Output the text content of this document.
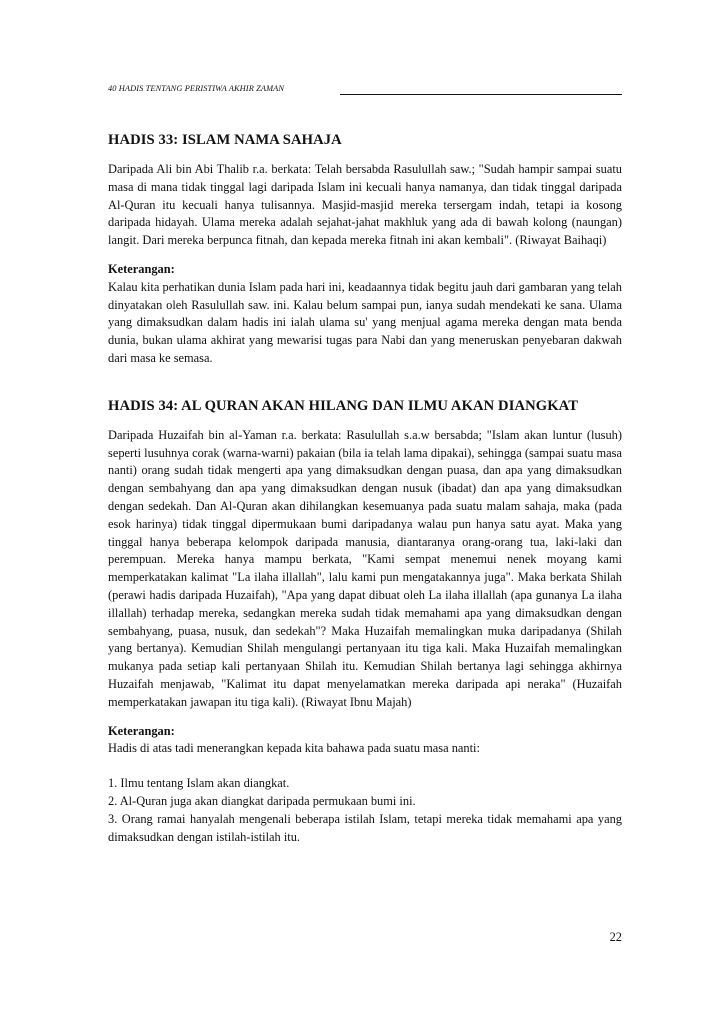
40 HADIS TENTANG PERISTIWA AKHIR ZAMAN
HADIS 33: ISLAM NAMA SAHAJA

Daripada Ali bin Abi Thalib r.a. berkata: Telah bersabda Rasulullah saw.; "Sudah hampir sampai suatu masa di mana tidak tinggal lagi daripada Islam ini kecuali hanya namanya, dan tidak tinggal daripada Al-Quran itu kecuali hanya tulisannya. Masjid-masjid mereka tersergam indah, tetapi ia kosong daripada hidayah. Ulama mereka adalah sejahat-jahat makhluk yang ada di bawah kolong (naungan) langit. Dari mereka berpunca fitnah, dan kepada mereka fitnah ini akan kembali". (Riwayat Baihaqi)

Keterangan:

Kalau kita perhatikan dunia Islam pada hari ini, keadaannya tidak begitu jauh dari gambaran yang telah dinyatakan oleh Rasulullah saw. ini. Kalau belum sampai pun, ianya sudah mendekati ke sana. Ulama yang dimaksudkan dalam hadis ini ialah ulama su' yang menjual agama mereka dengan mata benda dunia, bukan ulama akhirat yang mewarisi tugas para Nabi dan yang meneruskan penyebaran dakwah dari masa ke semasa.

HADIS 34: AL QURAN AKAN HILANG DAN ILMU AKAN DIANGKAT

Daripada Huzaifah bin al-Yaman r.a. berkata: Rasulullah s.a.w bersabda; "Islam akan luntur (lusuh) seperti lusuhnya corak (warna-warni) pakaian (bila ia telah lama dipakai), sehingga (sampai suatu masa nanti) orang sudah tidak mengerti apa yang dimaksudkan dengan puasa, dan apa yang dimaksudkan dengan sembahyang dan apa yang dimaksudkan dengan nusuk (ibadat) dan apa yang dimaksudkan dengan sedekah. Dan Al-Quran akan dihilangkan kesemuanya pada suatu malam sahaja, maka (pada esok harinya) tidak tinggal dipermukaan bumi daripadanya walau pun hanya satu ayat. Maka yang tinggal hanya beberapa kelompok daripada manusia, diantaranya orang-orang tua, laki-laki dan perempuan. Mereka hanya mampu berkata, "Kami sempat menemui nenek moyang kami memperkatakan kalimat "La ilaha illallah", lalu kami pun mengatakannya juga". Maka berkata Shilah (perawi hadis daripada Huzaifah), "Apa yang dapat dibuat oleh La ilaha illallah (apa gunanya La ilaha illallah) terhadap mereka, sedangkan mereka sudah tidak memahami apa yang dimaksudkan dengan sembahyang, puasa, nusuk, dan sedekah"? Maka Huzaifah memalingkan muka daripadanya (Shilah yang bertanya). Kemudian Shilah mengulangi pertanyaan itu tiga kali. Maka Huzaifah memalingkan mukanya pada setiap kali pertanyaan Shilah itu. Kemudian Shilah bertanya lagi sehingga akhirnya Huzaifah menjawab, "Kalimat itu dapat menyelamatkan mereka daripada api neraka" (Huzaifah memperkatakan jawapan itu tiga kali). (Riwayat Ibnu Majah)

Keterangan:

Hadis di atas tadi menerangkan kepada kita bahawa pada suatu masa nanti:

1. Ilmu tentang Islam akan diangkat.
2. Al-Quran juga akan diangkat daripada permukaan bumi ini.
3. Orang ramai hanyalah mengenali beberapa istilah Islam, tetapi mereka tidak memahami apa yang dimaksudkan dengan istilah-istilah itu.
22
